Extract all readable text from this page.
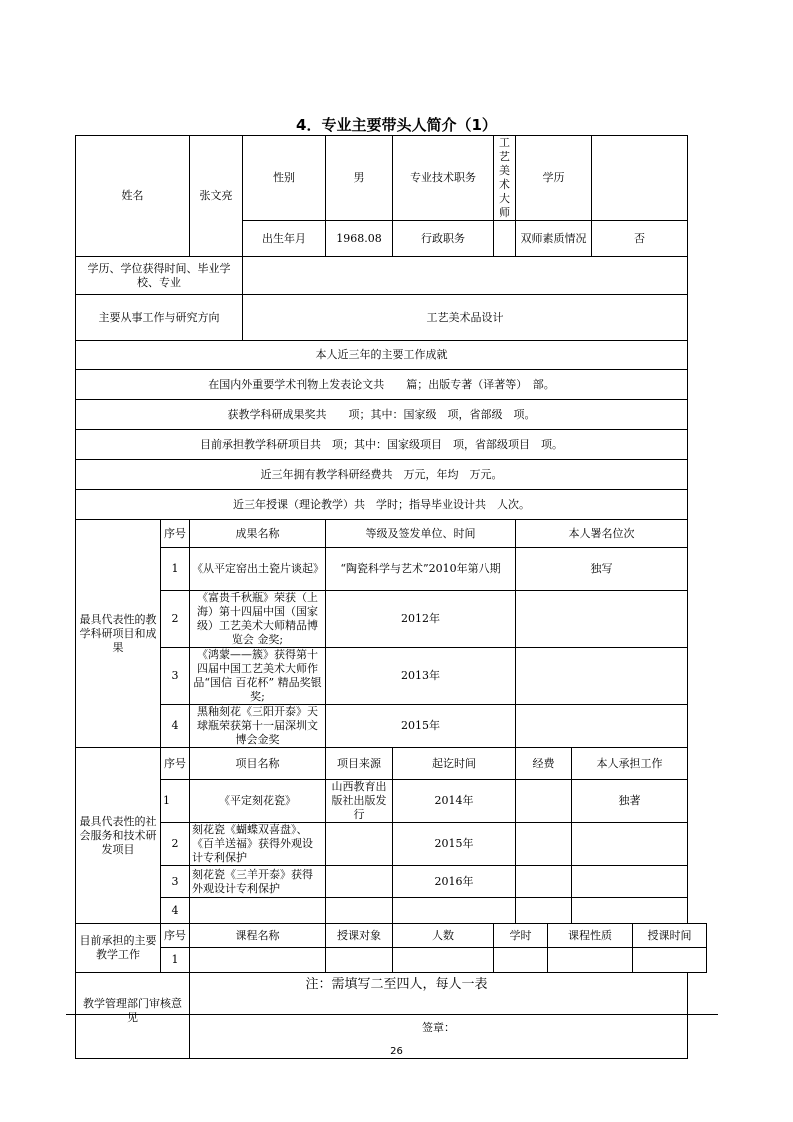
4．专业主要带头人简介（1）
姓名		张文亮	性别	男	专业技术职务	工艺美术大师	学历				
			出生年月	1968.08	行政职务		双师素质情况			否	
学历、学位获得时间、毕业学校、专业											
主要从事工作与研究方向			工艺美术品设计								
本人近三年的主要工作成就											
在国内外重要学术刊物上发表论文共　　篇；出版专著（译著等）　部。											
获教学科研成果奖共　　项；其中：国家级　项，省部级　项。											
目前承担教学科研项目共　项；其中：国家级项目　项，省部级项目　项。											
近三年拥有教学科研经费共　万元，年均　万元。											
近三年授课（理论教学）共　学时；指导毕业设计共　人次。											
最具代表性的教学科研项目和成果	序号	成果名称		等级及签发单位、时间			本人署名位次				
	1	《从平定窑出土瓷片谈起》		“陶瓷科学与艺术”2010年第八期			独写				
	2	《富贵千秋瓶》荣获（上海）第十四届中国（国家级）工艺美术大师精品博览会 金奖;		2012年							
	3	《鸿蒙——簇》获得第十四届中国工艺美术大师作品“国信 百花杯” 精品奖银奖;		2013年							
	4	黑釉刻花《三阳开泰》天球瓶荣获第十一届深圳文博会金奖		2015年							
最具代表性的社会服务和技术研发项目	序号	项目名称		项目来源	起讫时间		经费		本人承担工作		
	1	《平定刻花瓷》		山西教育出版社出版发行	2014年				独著		
	2	刻花瓷《蝴蝶双喜盘》、《百羊送福》获得外观设计专利保护			2015年						
	3	刻花瓷《三羊开泰》获得外观设计专利保护			2016年						
	4										
目前承担的主要教学工作	序号	课程名称		授课对象	人数	学时		课程性质			授课时间
	1										
教学管理部门审核意见		签章：									
注：需填写二至四人，每人一表
26
